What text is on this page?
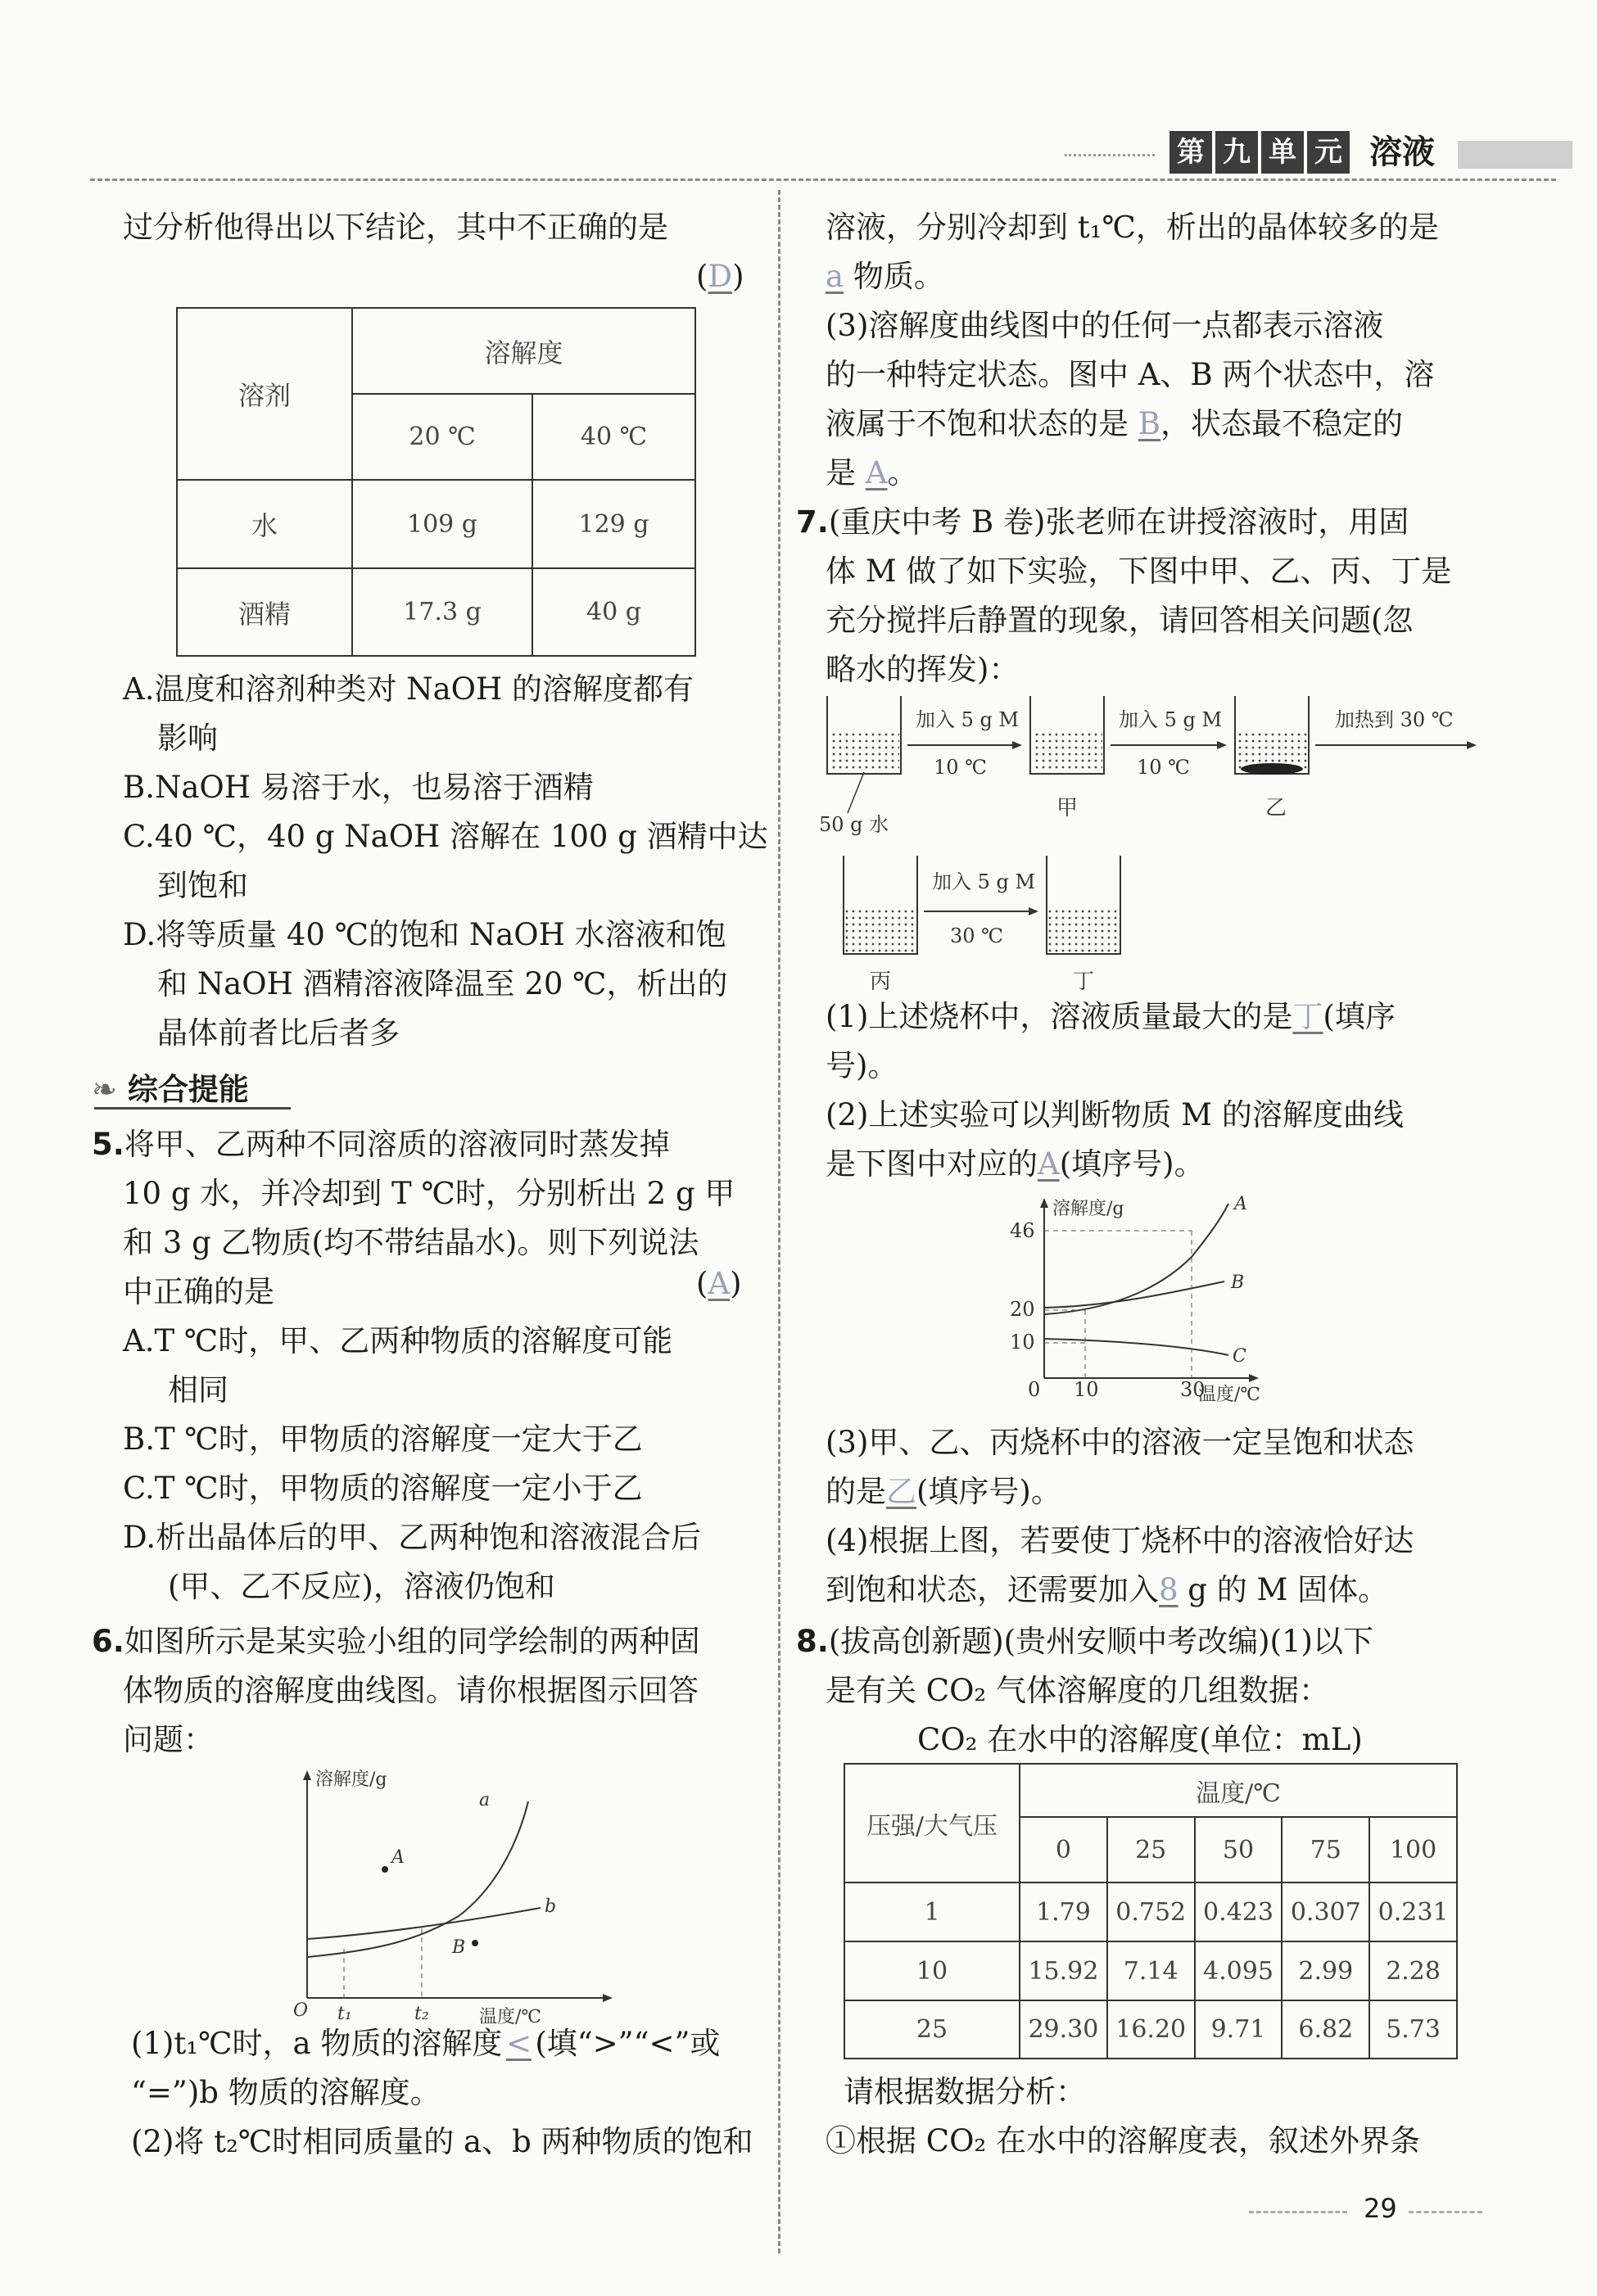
第 九 单 元 溶液
过分析他得出以下结论，其中不正确的是
(D)
溶剂	溶解度	
	20 ℃	40 ℃
水	109 g	129 g
酒精	17.3 g	40 g
A.温度和溶剂种类对 NaOH 的溶解度都有
影响
B.NaOH 易溶于水，也易溶于酒精
C.40 ℃，40 g NaOH 溶解在 100 g 酒精中达
到饱和
D.将等质量 40 ℃的饱和 NaOH 水溶液和饱
和 NaOH 酒精溶液降温至 20 ℃，析出的
晶体前者比后者多
❧ 综合提能
5.将甲、乙两种不同溶质的溶液同时蒸发掉
10 g 水，并冷却到 T ℃时，分别析出 2 g 甲
和 3 g 乙物质(均不带结晶水)。则下列说法
中正确的是	(A)
A.T ℃时，甲、乙两种物质的溶解度可能
相同
B.T ℃时，甲物质的溶解度一定大于乙
C.T ℃时，甲物质的溶解度一定小于乙
D.析出晶体后的甲、乙两种饱和溶液混合后
(甲、乙不反应)，溶液仍饱和
6.如图所示是某实验小组的同学绘制的两种固
体物质的溶解度曲线图。请你根据图示回答
问题：
溶解度/g
温度/℃
a
b
A
B
O t₁	t₂
(1)t₁℃时，a 物质的溶解度 < (填“>”“<”或
“=”)b 物质的溶解度。
(2)将 t₂℃时相同质量的 a、b 两种物质的饱和
溶液，分别冷却到 t₁℃，析出的晶体较多的是
a 物质。
(3)溶解度曲线图中的任何一点都表示溶液
的一种特定状态。图中 A、B 两个状态中，溶
液属于不饱和状态的是 B，状态最不稳定的
是 A。
7.(重庆中考 B 卷)张老师在讲授溶液时，用固
体 M 做了如下实验，下图中甲、乙、丙、丁是
充分搅拌后静置的现象，请回答相关问题(忽
略水的挥发)：
加入 5 g M
10 ℃
加入 5 g M
10 ℃
加热到 30 ℃
50 g 水
甲	乙
加入 5 g M
30 ℃
丙	丁
(1)上述烧杯中，溶液质量最大的是丁(填序
号)。
(2)上述实验可以判断物质 M 的溶解度曲线
是下图中对应的A(填序号)。
溶解度/g
温度/℃
46
20
10
0 10	30
A
B
C
(3)甲、乙、丙烧杯中的溶液一定呈饱和状态
的是乙(填序号)。
(4)根据上图，若要使丁烧杯中的溶液恰好达
到饱和状态，还需要加入8 g 的 M 固体。
8.(拔高创新题)(贵州安顺中考改编)(1)以下
是有关 CO₂ 气体溶解度的几组数据：
CO₂ 在水中的溶解度(单位：mL)
压强/大气压	温度/℃				
	0	25	50	75	100
1	1.79	0.752	0.423	0.307	0.231
10	15.92	7.14	4.095	2.99	2.28
25	29.30	16.20	9.71	6.82	5.73
请根据数据分析：
①根据 CO₂ 在水中的溶解度表，叙述外界条
29
